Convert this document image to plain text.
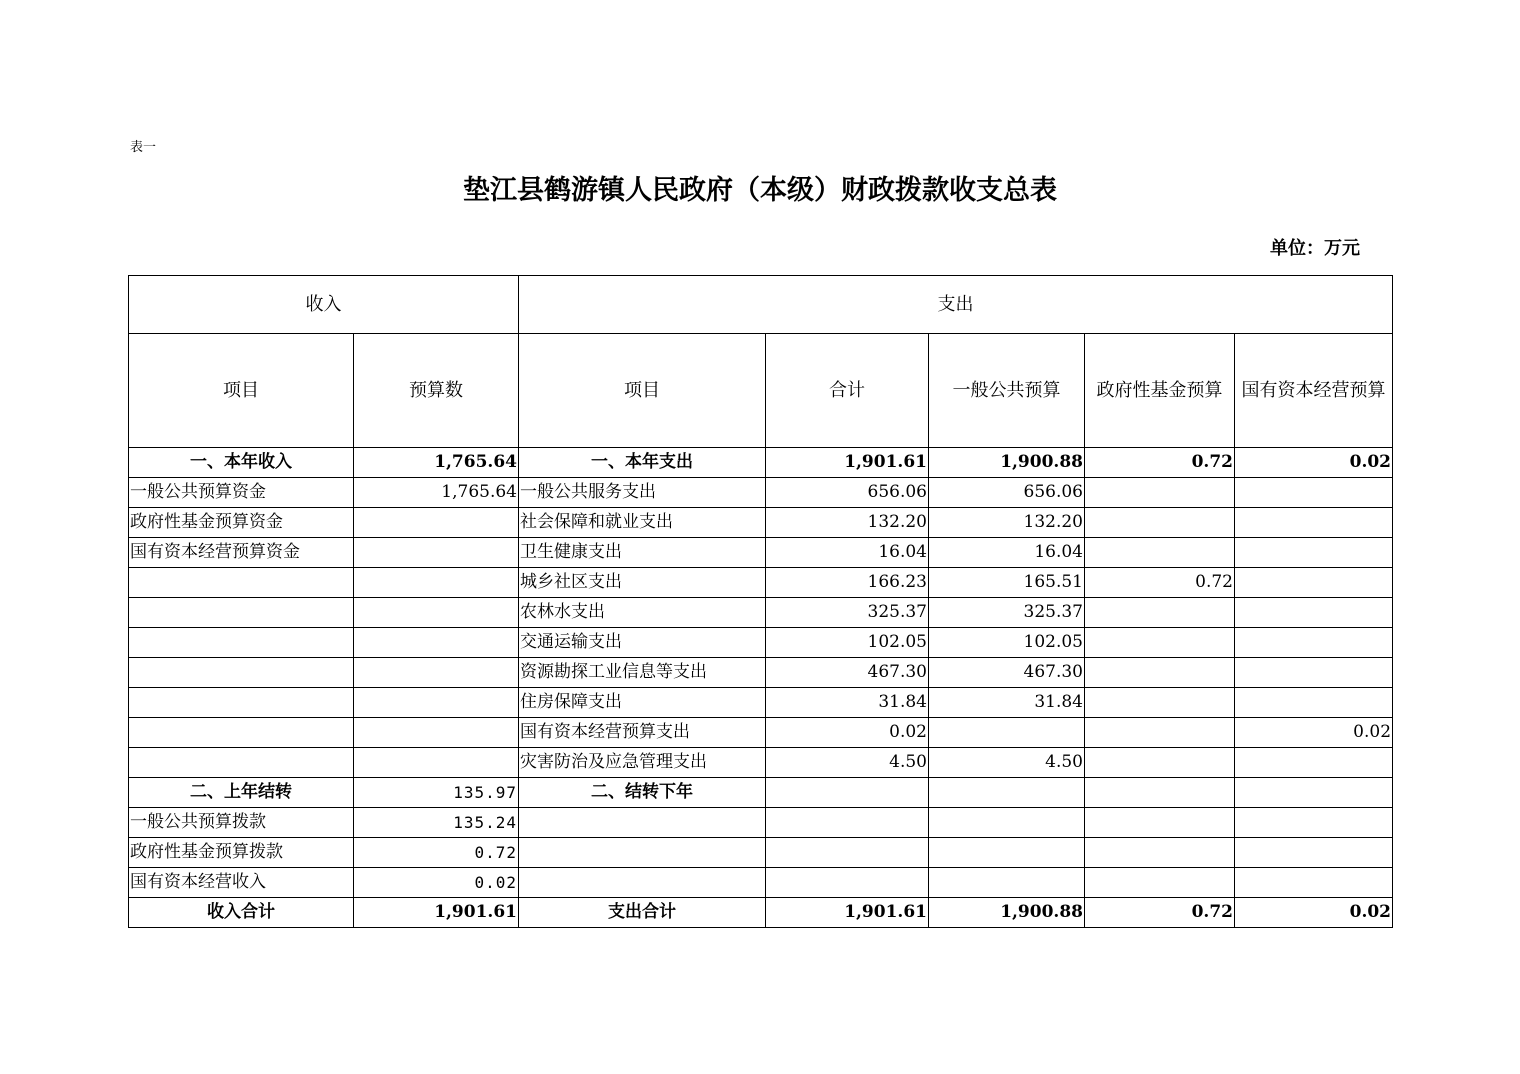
表一
垫江县鹤游镇人民政府（本级）财政拨款收支总表
单位：万元
收入		支出				
项目	预算数	项目	合计	一般公共预算	政府性基金预算	国有资本经营预算
一、本年收入	1,765.64	一、本年支出	1,901.61	1,900.88	0.72	0.02
一般公共预算资金	1,765.64	一般公共服务支出	656.06	656.06		
政府性基金预算资金		社会保障和就业支出	132.20	132.20		
国有资本经营预算资金		卫生健康支出	16.04	16.04		
		城乡社区支出	166.23	165.51	0.72	
		农林水支出	325.37	325.37		
		交通运输支出	102.05	102.05		
		资源勘探工业信息等支出	467.30	467.30		
		住房保障支出	31.84	31.84		
		国有资本经营预算支出	0.02			0.02
		灾害防治及应急管理支出	4.50	4.50		
二、上年结转	135.97	二、结转下年				
一般公共预算拨款	135.24					
政府性基金预算拨款	0.72					
国有资本经营收入	0.02					
收入合计	1,901.61	支出合计	1,901.61	1,900.88	0.72	0.02
